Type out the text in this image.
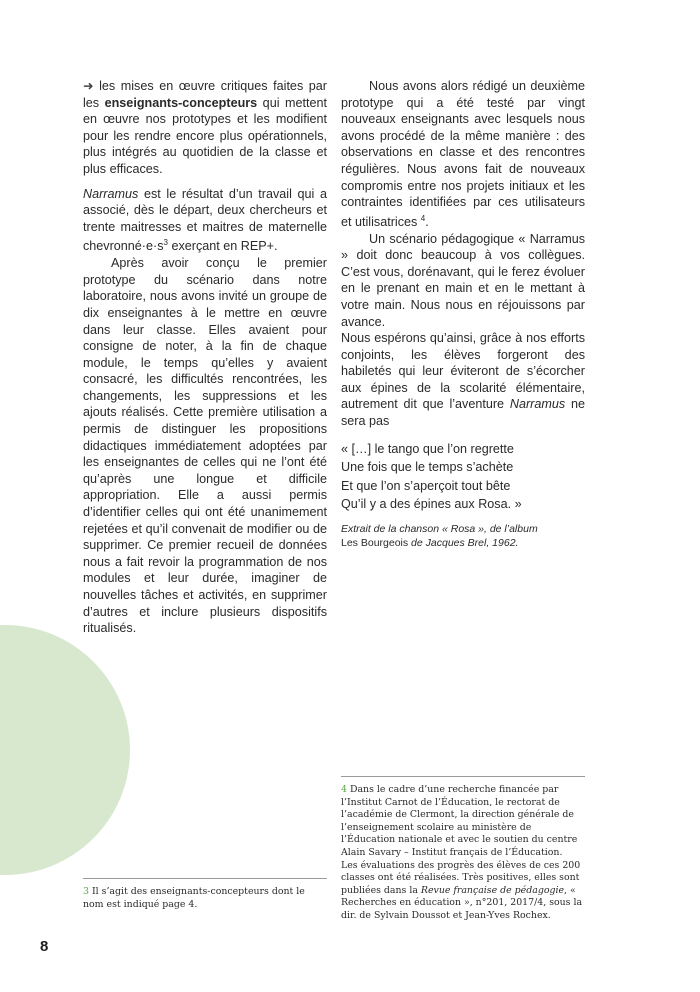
➜ les mises en œuvre critiques faites par les enseignants-concepteurs qui mettent en œuvre nos prototypes et les modifient pour les rendre encore plus opérationnels, plus intégrés au quotidien de la classe et plus efficaces.

Narramus est le résultat d’un travail qui a associé, dès le départ, deux chercheurs et trente maitresses et maitres de maternelle $chevronné\cdot e\cdot s^3$ exerçant en REP+.

Après avoir conçu le premier prototype du scénario dans notre laboratoire, nous avons invité un groupe de dix enseignantes à le mettre en œuvre dans leur classe. Elles avaient pour consigne de noter, à la fin de chaque module, le temps qu’elles y avaient consacré, les difficultés rencontrées, les changements, les suppressions et les ajouts réalisés. Cette première utilisation a permis de distinguer les propositions didactiques immédiatement adoptées par les enseignantes de celles qui ne l’ont été qu’après une longue et difficile appropriation. Elle a aussi permis d’identifier celles qui ont été unanimement rejetées et qu’il convenait de modifier ou de supprimer. Ce premier recueil de données nous a fait revoir la programmation de nos modules et leur durée, imaginer de nouvelles tâches et activités, en supprimer d’autres et inclure plusieurs dispositifs ritualisés.

Nous avons alors rédigé un deuxième prototype qui a été testé par vingt nouveaux enseignants avec lesquels nous avons procédé de la même manière : des observations en classe et des rencontres régulières. Nous avons fait de nouveaux compromis entre nos projets initiaux et les contraintes identifiées par ces utilisateurs et utilisatrices $^4$.

Un scénario pédagogique « Narramus » doit donc beaucoup à vos collègues. C’est vous, dorénavant, qui le ferez évoluer en le prenant en main et en le mettant à votre main. Nous nous en réjouissons par avance.

Nous espérons qu’ainsi, grâce à nos efforts conjoints, les élèves forgeront des habiletés qui leur éviteront de s’écorcher aux épines de la scolarité élémentaire, autrement dit que l’aventure Narramus ne sera pas

« […] le tango que l’on regrette
Une fois que le temps s’achète
Et que l’on s’aperçoit tout bête
Qu’il y a des épines aux Rosa. »

Extrait de la chanson « Rosa », de l’album
Les Bourgeois de Jacques Brel, 1962.

4 Dans le cadre d’une recherche financée par l’Institut Carnot de l’Éducation, le rectorat de l’académie de Clermont, la direction générale de l’enseignement scolaire au ministère de l’Éducation nationale et avec le soutien du centre Alain Savary – Institut français de l’Éducation.
Les évaluations des progrès des élèves de ces 200 classes ont été réalisées. Très positives, elles sont publiées dans la Revue française de pédagogie, « Recherches en éducation », n°201, 2017/4, sous la dir. de Sylvain Doussot et Jean-Yves Rochex.
3 Il s’agit des enseignants-concepteurs dont le nom est indiqué page 4.
8
